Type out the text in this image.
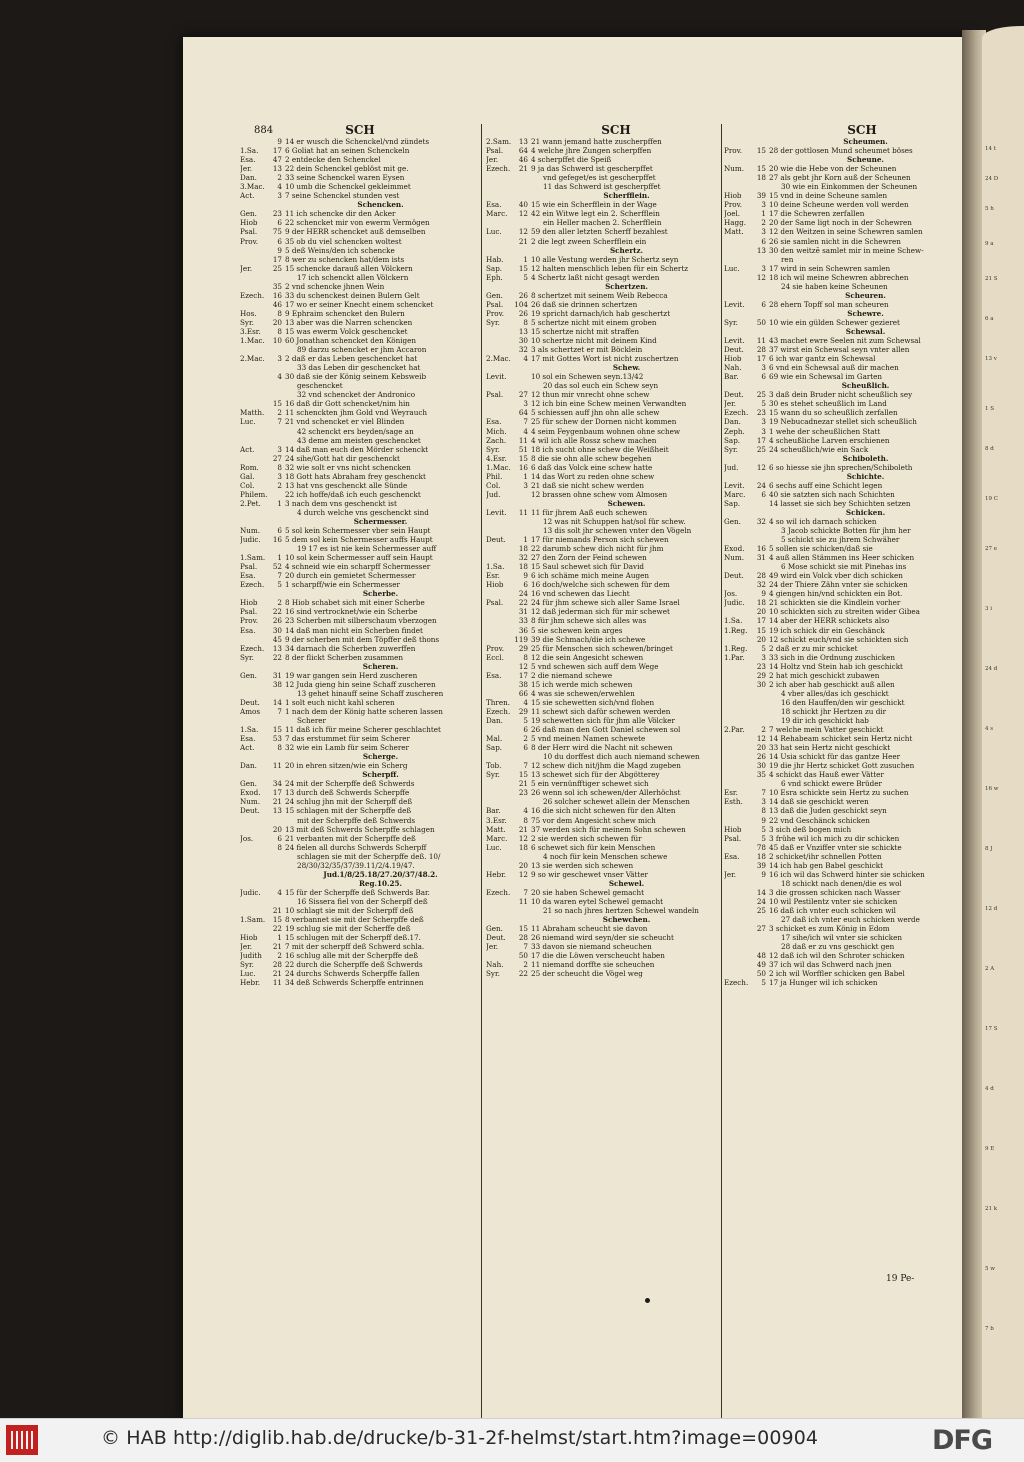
14 t
24 D
5 h
9 a
21 S
6 a
13 v
1 S
8 d
19 C
27 e
3 i
24 d
4 s
16 w
8 J
12 d
2 A
17 S
4 d
9 E
21 k
5 w
7 b

884	SCH	SCH	SCH
9 14 er wusch die Schenckel/vnd zündets
1.Sa.	17 6 Goliat hat an seinen Schenckeln
Esa.	47 2 entdecke den Schenckel
Jer.	13 22 dein Schenckel geblöst mit ge.
Dan.	2 33 seine Schenckel waren Eysen
3.Mac.	4 10 umb die Schenckel gekleimmet
Act.	3 7 seine Schenckel stunden vest
Schencken.
Gen.	23 11 ich schencke dir den Acker
Hiob	6 22 schencket mir von ewerm Vermögen
Psal.	75 9 der HERR schencket auß demselben
Prov.	6 35 ob du viel schencken woltest
9 5 deß Weins/den ich schencke
17 8 wer zu schencken hat/dem ists
Jer.	25 15 schencke darauß allen Völckern
17 ich schenckt allen Völckern
35 2 vnd schencke jhnen Wein
Ezech.	16 33 du schenckest deinen Bulern Gelt
46 17 wo er seiner Knecht einem schencket
Hos.	8 9 Ephraim schencket den Bulern
Syr.	20 13 aber was die Narren schencken
3.Esr.	8 15 was ewerm Volck geschencket
1.Mac.	10 60 Jonathan schencket den Königen
89 darzu schencket er jhm Accaron
2.Mac.	3 2 daß er das Leben geschencket hat
33 das Leben dir geschencket hat
4 30 daß sie der König seinem Kebsweib
geschencket
32 vnd schencket der Andronico
15 16 daß dir Gott schencket/nim hin
Matth.	2 11 schenckten jhm Gold vnd Weyrauch
Luc.	7 21 vnd schencket er viel Blinden
42 schenckt ers beyden/sage an
43 deme am meisten geschencket
Act.	3 14 daß man euch den Mörder schenckt
27 24 sihe/Gott hat dir geschenckt
Rom.	8 32 wie solt er vns nicht schencken
Gal.	3 18 Gott hats Abraham frey geschenckt
Col.	2 13 hat vns geschenckt alle Sünde
Philem. 22 ich hoffe/daß ich euch geschenckt
2.Pet.	1 3 nach dem vns geschenckt ist
4 durch welche vns geschenckt sind
Schermesser.
Num.	6 5 sol kein Schermesser vber sein Haupt
Judic.	16 5 dem sol kein Schermesser auffs Haupt
19 17 es ist nie kein Schermesser auff
1.Sam.	1 10 sol kein Schermesser auff sein Haupt
Psal.	52 4 schneid wie ein scharpff Schermesser
Esa.	7 20 durch ein gemietet Schermesser
Ezech.	5 1 scharpff/wie ein Schermesser
Scherbe.
Hiob	2 8 Hiob schabet sich mit einer Scherbe
Psal.	22 16 sind vertrocknet/wie ein Scherbe
Prov.	26 23 Scherben mit silberschaum vberzogen
Esa.	30 14 daß man nicht ein Scherben findet
45 9 der scherben mit dem Töpffer deß thons
Ezech.	13 34 darnach die Scherben zuwerffen
Syr.	22 8 der flickt Scherben zusammen
Scheren.
Gen.	31 19 war gangen sein Herd zuscheren
38 12 Juda gieng hin seine Schaff zuscheren
13 gehet hinauff seine Schaff zuscheren
Deut.	14 1 solt euch nicht kahl scheren
Amos	7 1 nach dem der König hatte scheren lassen
Scherer
1.Sa.	15 11 daß ich für meine Scherer geschlachtet
Esa.	53 7 das erstummet für seim Scherer
Act.	8 32 wie ein Lamb für seim Scherer
Scherge.
Dan.	11 20 in ehren sitzen/wie ein Scherg
Scherpff.
Gen.	34 24 mit der Scherpffe deß Schwerds
Exod.	17 13 durch deß Schwerds Scherpffe
Num.	21 24 schlug jhn mit der Scherpff deß
Deut.	13 15 schlagen mit der Scherpffe deß
mit der Scherpffe deß Schwerds
20 13 mit deß Schwerds Scherpffe schlagen
Jos.	6 21 verbanten mit der Scherpffe deß
8 24 fielen all durchs Schwerds Scherpff
schlagen sie mit der Scherpffe deß. 10/
28/30/32/35/37/39.11/2/4.19/47.
Jud.1/8/25.18/27.20/37/48.2.
Reg.10.25.
Judic.	4 15 für der Scherpffe deß Schwerds Bar.
16 Sissera fiel von der Scherpff deß
21 10 schlagt sie mit der Scherpff deß
1.Sam.	15 8 verbannet sie mit der Scherpffe deß
22 19 schlug sie mit der Scherffe deß
Hiob	1 15 schlugen mit der Scherpff deß.17.
Jer.	21 7 mit der scherpff deß Schwerd schla.
Judith	2 16 schlug alle mit der Scherpffe deß
Syr.	28 22 durch die Scherpffe deß Schwerds
Luc.	21 24 durchs Schwerds Scherpffe fallen
Hebr.	11 34 deß Schwerds Scherpffe entrinnen
2.Sam.	13 21 wann jemand hatte zuscherpffen
Psal.	64 4 welche jhre Zungen scherpffen
Jer.	46 4 scherpffet die Speiß
Ezech.	21 9 ja das Schwerd ist gescherpffet
vnd gefeget/es ist gescherpffet
11 das Schwerd ist gescherpffet
Scherfflein.
Esa.	40 15 wie ein Scherfflein in der Wage
Marc.	12 42 ein Witwe legt ein 2. Scherfflein
ein Heller machen 2. Scherfflein
Luc.	12 59 den aller letzten Scherff bezahlest
21 2 die legt zween Scherfflein ein
Schertz.
Hab.	1 10 alle Vestung werden jhr Schertz seyn
Sap.	15 12 halten menschlich leben für ein Schertz
Eph.	5 4 Schertz laßt nicht gesagt werden
Schertzen.
Gen.	26 8 schertzet mit seinem Weib Rebecca
Psal.	104 26 daß sie drinnen schertzen
Prov.	26 19 spricht darnach/ich hab geschertzt
Syr.	8 5 schertze nicht mit einem groben
13 15 schertze nicht mit straffen
30 10 schertze nicht mit deinem Kind
32 3 als schertzet er mit Böcklein
2.Mac.	4 17 mit Gottes Wort ist nicht zuschertzen
Schew.
Levit.	10 sol ein Schewen seyn.13/42
20 das sol euch ein Schew seyn
Psal.	27 12 thun mir vnrecht ohne schew
3 12 ich bin eine Schew meinen Verwandten
64 5 schiessen auff jhn ohn alle schew
Esa.	7 25 für schew der Dornen nicht kommen
Mich.	4 4 seim Feygenbaum wohnen ohne schew
Zach.	11 4 wil ich alle Rossz schew machen
Syr.	51 18 ich sucht ohne schew die Weißheit
4.Esr.	15 8 die sie ohn alle schew begehen
1.Mac.	16 6 daß das Volck eine schew hatte
Phil.	1 14 das Wort zu reden ohne schew
Col.	3 21 daß sie nicht schew werden
Jud.	12 brassen ohne schew vom Almosen
Schewen.
Levit.	11 11 für jhrem Aaß euch schewen
12 was nit Schuppen hat/sol für schew.
13 dis solt jhr schewen vnter den Vögeln
Deut.	1 17 für niemands Person sich schewen
18 22 darumb schew dich nicht für jhm
32 27 den Zorn der Feind schewen
1.Sa.	18 15 Saul schewet sich für David
Esr.	9 6 ich schäme mich meine Augen
Hiob	6 16 doch/welche sich schewen für dem
24 16 vnd schewen das Liecht
Psal.	22 24 für jhm schewe sich aller Same Israel
31 12 daß jederman sich für mir schewet
33 8 für jhm schewe sich alles was
36 5 sie schewen kein arges
119 39 die Schmach/die ich schewe
Prov.	29 25 für Menschen sich schewen/bringet
Eccl.	8 12 die sein Angesicht schewen
12 5 vnd schewen sich auff dem Wege
Esa.	17 2 die niemand schewe
38 15 ich werde mich schewen
66 4 was sie schewen/erwehlen
Thren.	4 15 sie schewetten sich/vnd flohen
Ezech.	29 11 schewt sich dafür schewen werden
Dan.	5 19 schewetten sich für jhm alle Völcker
6 26 daß man den Gott Daniel schewen sol
Mal.	2 5 vnd meinen Namen schewete
Sap.	6 8 der Herr wird die Nacht nit schewen
10 du dorffest dich auch niemand schewen
Tob.	7 12 schew dich nit/jhm die Magd zugeben
Syr.	15 13 schewet sich für der Abgötterey
21 5 ein vernünfftiger schewet sich
23 26 wenn sol ich schewen/der Allerhöchst
26 solcher schewet allein der Menschen
Bar.	4 16 die sich nicht schewen für den Alten
3.Esr.	8 75 vor dem Angesicht schew mich
Matt.	21 37 werden sich für meinem Sohn schewen
Marc.	12 2 sie werden sich schewen für
Luc.	18 6 schewet sich für kein Menschen
4 noch für kein Menschen schewe
20 13 sie werden sich schewen
Hebr.	12 9 so wir geschewet vnser Vätter
Schewel.
Ezech.	7 20 sie haben Schewel gemacht
11 10 da waren eytel Schewel gemacht
21 so nach jhres hertzen Schewel wandeln
Schewchen.
Gen.	15 11 Abraham scheucht sie davon
Deut.	28 26 niemand wird seyn/der sie scheucht
Jer.	7 33 davon sie niemand scheuchen
50 17 die die Löwen verscheucht haben
Nah.	2 11 niemand dorffte sie scheuchen
Syr.	22 25 der scheucht die Vögel weg
Scheumen.
Prov.	15 28 der gottlosen Mund scheumet böses
Scheune.
Num.	15 20 wie die Hebe von der Scheunen
18 27 als gebt jhr Korn auß der Scheunen
30 wie ein Einkommen der Scheunen
Hiob	39 15 vnd in deine Scheune samlen
Prov.	3 10 deine Scheune werden voll werden
Joel.	1 17 die Schewren zerfallen
Hagg.	2 20 der Same ligt noch in der Schewren
Matt.	3 12 den Weitzen in seine Schewren samlen
6 26 sie samlen nicht in die Schewren
13 30 den weitzē samlet mir in meine Schew-
ren
Luc.	3 17 wird in sein Schewren samlen
12 18 ich wil meine Schewren abbrechen
24 sie haben keine Scheunen
Scheuren.
Levit.	6 28 ehern Topff sol man scheuren
Schewre.
Syr.	50 10 wie ein gülden Schewer gezieret
Schewsal.
Levit.	11 43 machet ewre Seelen nit zum Schewsal
Deut.	28 37 wirst ein Schewsal seyn vnter allen
Hiob	17 6 ich war gantz ein Schewsal
Nah.	3 6 vnd ein Schewsal auß dir machen
Bar.	6 69 wie ein Schewsal im Garten
Scheußlich.
Deut.	25 3 daß dein Bruder nicht scheußlich sey
Jer.	5 30 es stehet scheußlich im Land
Ezech.	23 15 wann du so scheußlich zerfallen
Dan.	3 19 Nebucadnezar stellet sich scheußlich
Zeph.	3 1 wehe der scheußlichen Statt
Sap.	17 4 scheußliche Larven erschienen
Syr.	25 24 scheußlich/wie ein Sack
Schiboleth.
Jud.	12 6 so hiesse sie jhn sprechen/Schiboleth
Schichte.
Levit.	24 6 sechs auff eine Schicht legen
Marc.	6 40 sie satzten sich nach Schichten
Sap.	14 lasset sie sich bey Schichten setzen
Schicken.
Gen.	32 4 so wil ich darnach schicken
3 Jacob schickte Botten für jhm her
5 schickt sie zu jhrem Schwäher
Exod.	16 5 sollen sie schicken/daß sie
Num.	31 4 auß allen Stämmen ins Heer schicken
6 Mose schickt sie mit Pinehas ins
Deut.	28 49 wird ein Volck vber dich schicken
32 24 der Thiere Zähn vnter sie schicken
Jos.	9 4 giengen hin/vnd schickten ein Bot.
Judic.	18 21 schickten sie die Kindlein vorher
20 10 schickten sich zu streiten wider Gibea
1.Sa.	17 14 aber der HERR schickets also
1.Reg.	15 19 ich schick dir ein Geschänck
20 12 schickt euch/vnd sie schickten sich
1.Reg.	5 2 daß er zu mir schicket
1.Par.	3 33 sich in die Ordnung zuschicken
23 14 Holtz vnd Stein hab ich geschickt
29 2 hat mich geschickt zubawen
30 2 ich aber hab geschickt auß allen
4 vber alles/das ich geschickt
16 den Hauffen/den wir geschickt
18 schickt jhr Hertzen zu dir
19 dir ich geschickt hab
2.Par.	2 7 welche mein Vatter geschickt
12 14 Rehabeam schicket sein Hertz nicht
20 33 hat sein Hertz nicht geschickt
26 14 Usia schickt für das gantze Heer
30 19 die jhr Hertz schicket Gott zusuchen
35 4 schickt das Hauß ewer Vätter
6 vnd schickt ewere Brüder
Esr.	7 10 Esra schickte sein Hertz zu suchen
Esth.	3 14 daß sie geschickt weren
8 13 daß die Juden geschickt seyn
9 22 vnd Geschänck schicken
Hiob	5 3 sich deß bogen mich
Psal.	5 3 frühe wil ich mich zu dir schicken
78 45 daß er Vnziffer vnter sie schickte
Esa.	18 2 schicket/ihr schnellen Potten
39 14 ich hab gen Babel geschickt
Jer.	9 16 ich wil das Schwerd hinter sie schicken
18 schickt nach denen/die es wol
14 3 die grossen schicken nach Wasser
24 10 wil Pestilentz vnter sie schicken
25 16 daß ich vnter euch schicken wil
27 daß ich vnter euch schicken werde
27 3 schicket es zum König in Edom
17 sihe/ich wil vnter sie schicken
28 daß er zu vns geschickt gen
48 12 daß ich wil den Schroter schicken
49 37 ich wil das Schwerd nach jnen
50 2 ich wil Worffler schicken gen Babel
Ezech.	5 17 ja Hunger wil ich schicken

19 Pe-

© HAB http://diglib.hab.de/drucke/b-31-2f-helmst/start.htm?image=00904	DFG
